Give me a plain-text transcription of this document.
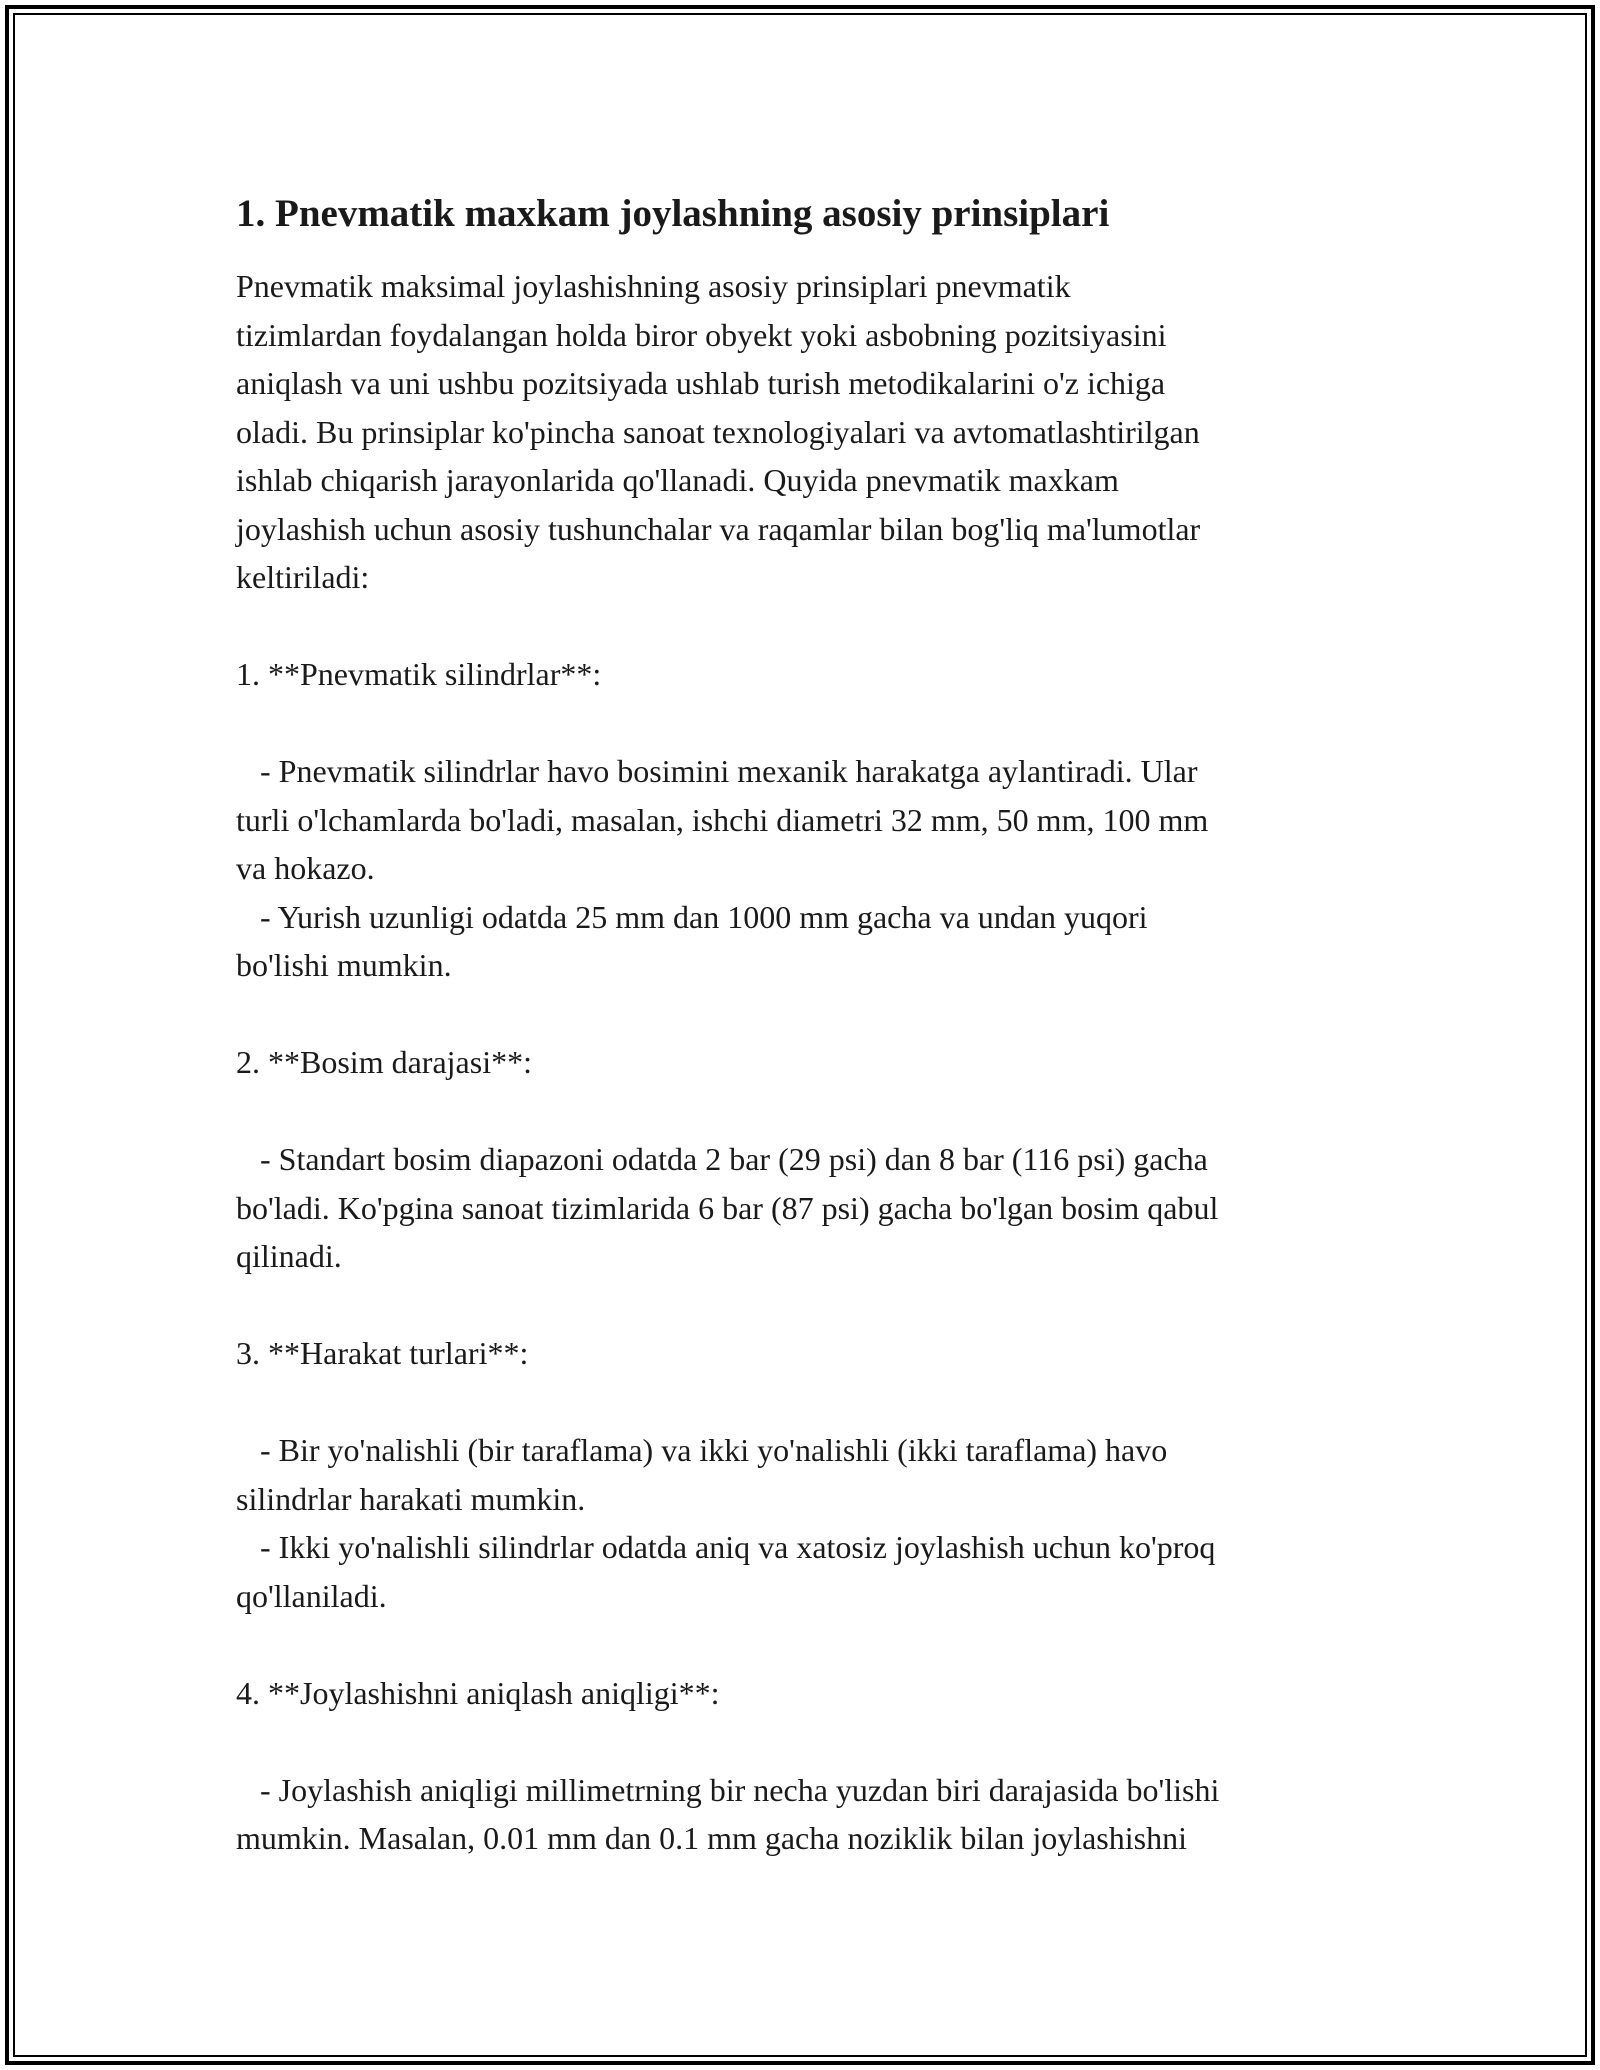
1. Pnevmatik maxkam joylashning asosiy prinsiplari

Pnevmatik maksimal joylashishning asosiy prinsiplari pnevmatik
tizimlardan foydalangan holda biror obyekt yoki asbobning pozitsiyasini
aniqlash va uni ushbu pozitsiyada ushlab turish metodikalarini o'z ichiga
oladi. Bu prinsiplar ko'pincha sanoat texnologiyalari va avtomatlashtirilgan
ishlab chiqarish jarayonlarida qo'llanadi. Quyida pnevmatik maxkam
joylashish uchun asosiy tushunchalar va raqamlar bilan bog'liq ma'lumotlar
keltiriladi:

1. **Pnevmatik silindrlar**:

- Pnevmatik silindrlar havo bosimini mexanik harakatga aylantiradi. Ular
turli o'lchamlarda bo'ladi, masalan, ishchi diametri 32 mm, 50 mm, 100 mm
va hokazo.
- Yurish uzunligi odatda 25 mm dan 1000 mm gacha va undan yuqori
bo'lishi mumkin.

2. **Bosim darajasi**:

- Standart bosim diapazoni odatda 2 bar (29 psi) dan 8 bar (116 psi) gacha
bo'ladi. Ko'pgina sanoat tizimlarida 6 bar (87 psi) gacha bo'lgan bosim qabul
qilinadi.

3. **Harakat turlari**:

- Bir yo'nalishli (bir taraflama) va ikki yo'nalishli (ikki taraflama) havo
silindrlar harakati mumkin.
- Ikki yo'nalishli silindrlar odatda aniq va xatosiz joylashish uchun ko'proq
qo'llaniladi.

4. **Joylashishni aniqlash aniqligi**:

- Joylashish aniqligi millimetrning bir necha yuzdan biri darajasida bo'lishi
mumkin. Masalan, 0.01 mm dan 0.1 mm gacha noziklik bilan joylashishni
